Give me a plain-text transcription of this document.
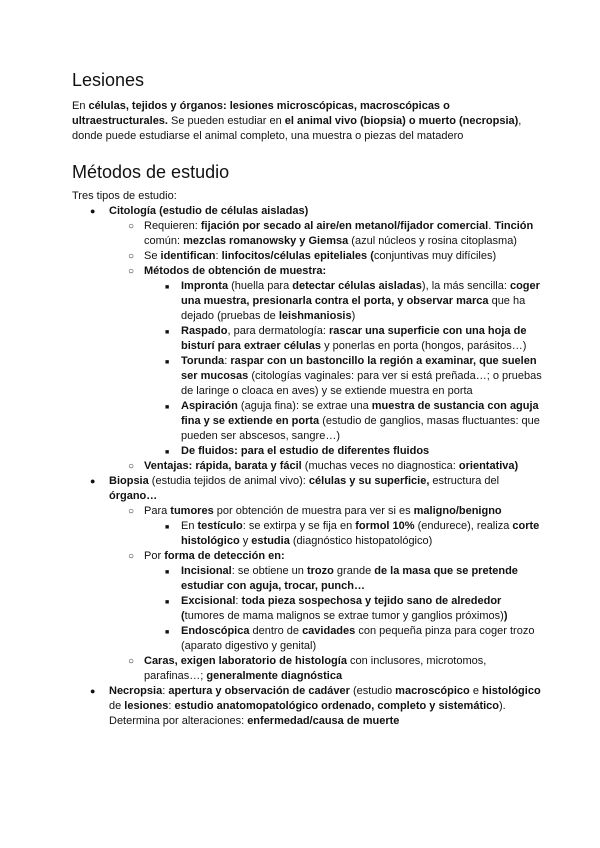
Lesiones

En células, tejidos y órganos: lesiones microscópicas, macroscópicas o ultraestructurales. Se pueden estudiar en el animal vivo (biopsia) o muerto (necropsia), donde puede estudiarse el animal completo, una muestra o piezas del matadero

Métodos de estudio

Tres tipos de estudio:

● Citología (estudio de células aisladas)
○ Requieren: fijación por secado al aire/en metanol/fijador comercial. Tinción común: mezclas romanowsky y Giemsa (azul núcleos y rosina citoplasma)
○ Se identifican: linfocitos/células epiteliales (conjuntivas muy difíciles)
○ Métodos de obtención de muestra:
■ Impronta (huella para detectar células aisladas), la más sencilla: coger una muestra, presionarla contra el porta, y observar marca que ha dejado (pruebas de leishmaniosis)
■ Raspado, para dermatología: rascar una superficie con una hoja de bisturí para extraer células y ponerlas en porta (hongos, parásitos…)
■ Torunda: raspar con un bastoncillo la región a examinar, que suelen ser mucosas (citologías vaginales: para ver si está preñada…; o pruebas de laringe o cloaca en aves) y se extiende muestra en porta
■ Aspiración (aguja fina): se extrae una muestra de sustancia con aguja fina y se extiende en porta (estudio de ganglios, masas fluctuantes: que pueden ser abscesos, sangre…)
■ De fluidos: para el estudio de diferentes fluidos
○ Ventajas: rápida, barata y fácil (muchas veces no diagnostica: orientativa)
● Biopsia (estudia tejidos de animal vivo): células y su superficie, estructura del órgano…
○ Para tumores por obtención de muestra para ver si es maligno/benigno
■ En testículo: se extirpa y se fija en formol 10% (endurece), realiza corte histológico y estudia (diagnóstico histopatológico)
○ Por forma de detección en:
■ Incisional: se obtiene un trozo grande de la masa que se pretende estudiar con aguja, trocar, punch…
■ Excisional: toda pieza sospechosa y tejido sano de alrededor (tumores de mama malignos se extrae tumor y ganglios próximos))
■ Endoscópica dentro de cavidades con pequeña pinza para coger trozo (aparato digestivo y genital)
○ Caras, exigen laboratorio de histología con inclusores, microtomos, parafinas…; generalmente diagnóstica
● Necropsia: apertura y observación de cadáver (estudio macroscópico e histológico de lesiones: estudio anatomopatológico ordenado, completo y sistemático). Determina por alteraciones: enfermedad/causa de muerte
